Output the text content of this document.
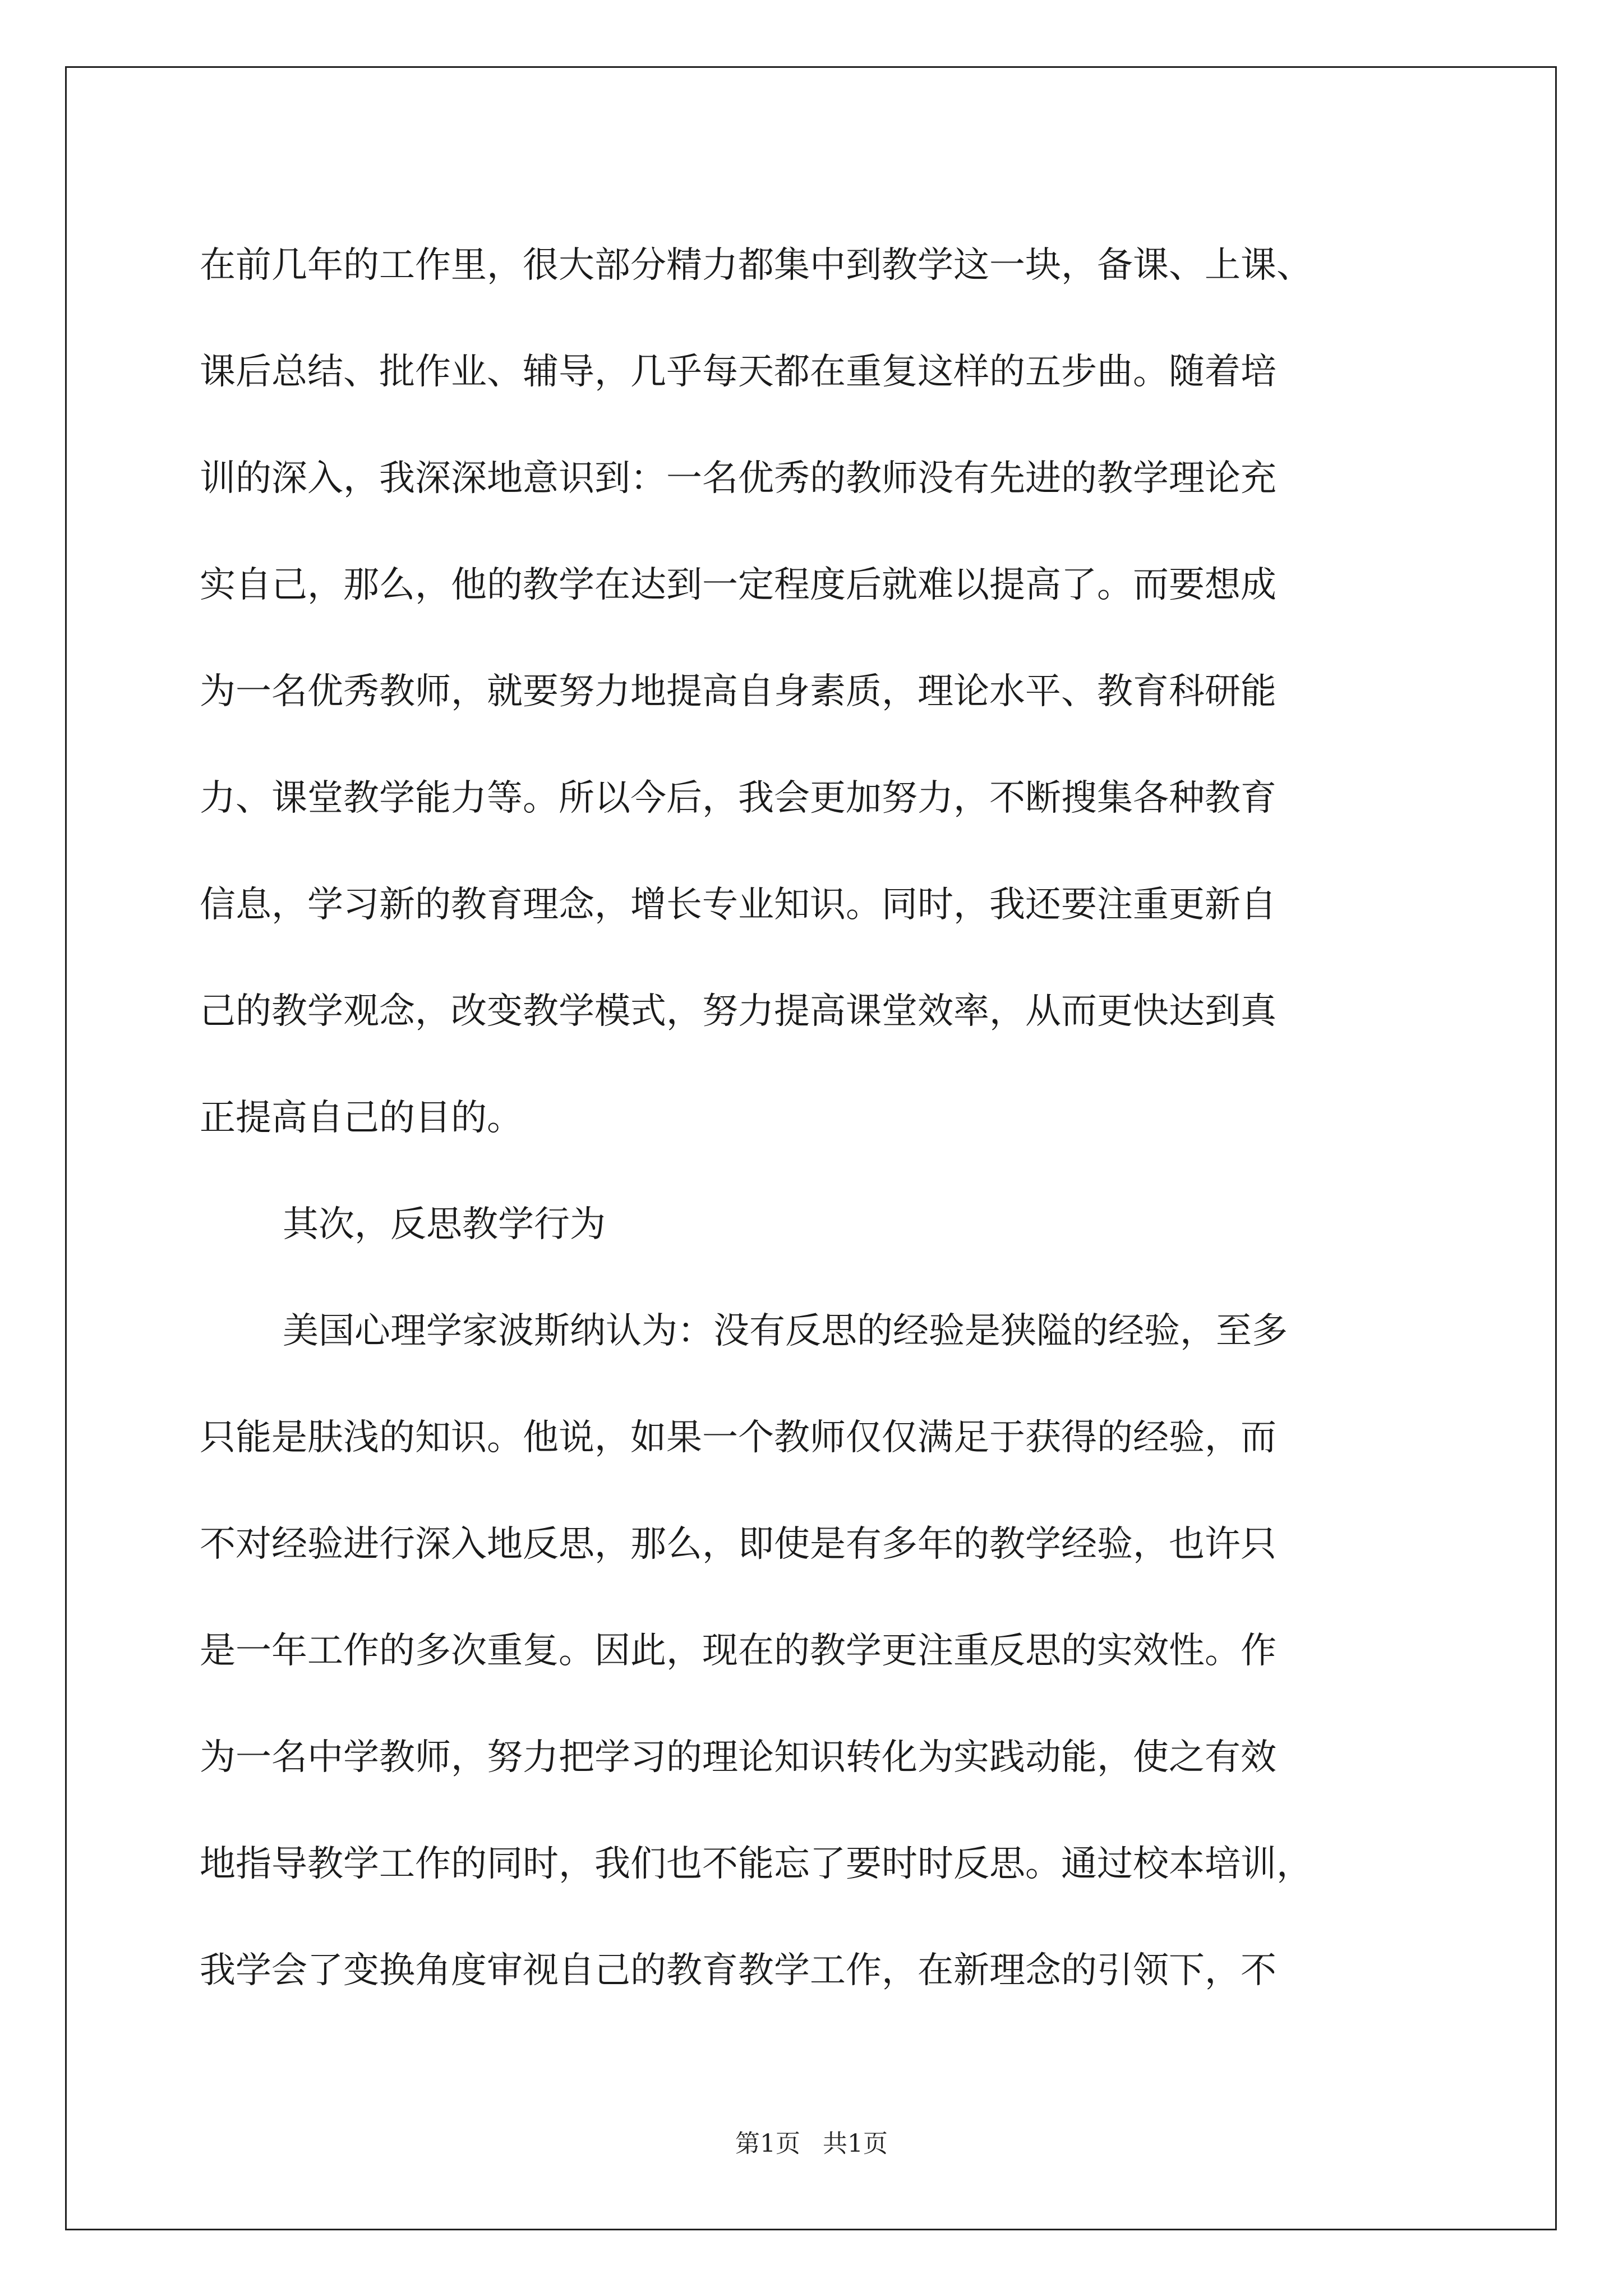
在前几年的工作里，很大部分精力都集中到教学这一块，备课、上课、
课后总结、批作业、辅导，几乎每天都在重复这样的五步曲。随着培
训的深入，我深深地意识到：一名优秀的教师没有先进的教学理论充
实自己，那么，他的教学在达到一定程度后就难以提高了。而要想成
为一名优秀教师，就要努力地提高自身素质，理论水平、教育科研能
力、课堂教学能力等。所以今后，我会更加努力，不断搜集各种教育
信息，学习新的教育理念，增长专业知识。同时，我还要注重更新自
己的教学观念，改变教学模式，努力提高课堂效率，从而更快达到真
正提高自己的目的。
其次，反思教学行为
美国心理学家波斯纳认为：没有反思的经验是狭隘的经验，至多
只能是肤浅的知识。他说，如果一个教师仅仅满足于获得的经验，而
不对经验进行深入地反思，那么，即使是有多年的教学经验，也许只
是一年工作的多次重复。因此，现在的教学更注重反思的实效性。作
为一名中学教师，努力把学习的理论知识转化为实践动能，使之有效
地指导教学工作的同时，我们也不能忘了要时时反思。通过校本培训，
我学会了变换角度审视自己的教育教学工作，在新理念的引领下，不
第1页 共1页
